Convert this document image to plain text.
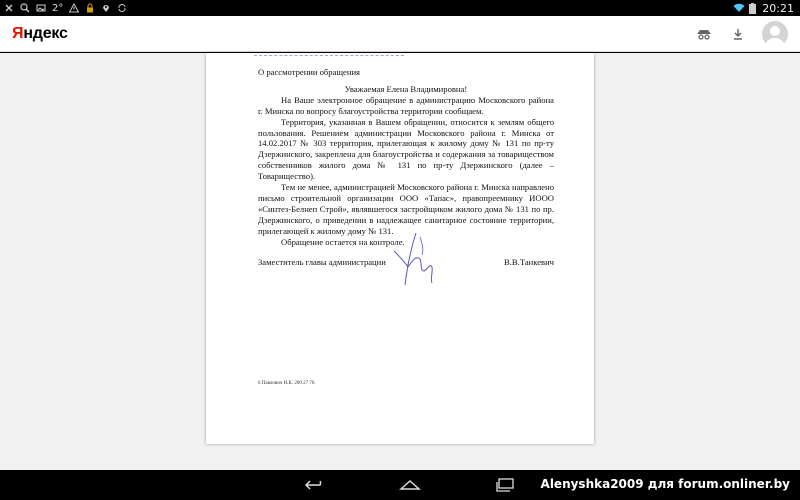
2°	20:21
Яндекс

О рассмотрении обращения

Уважаемая Елена Владимировна!

На Ваше электронное обращение в администрацию Московского района г. Минска по вопросу благоустройства территории сообщаем.

Территория, указанная в Вашем обращении, относится к землям общего пользования. Решением администрации Московского района г. Минска от 14.02.2017 № 303 территория, прилегающая к жилому дому № 131 по пр-ту Дзержинского, закреплена для благоустройства и содержания за товариществом собственников жилого дома № 131 по пр-ту Дзержинского (далее – Товарищество).

Тем не менее, администрацией Московского района г. Минска направлено письмо строительной организации ООО «Тапас», правопреемнику ИООО «Синтез-Белнеп Строй», являвшегося застройщиком жилого дома № 131 по пр. Дзержинского, о приведении в надлежащее санитарное состояние территории, прилегающей к жилому дому № 131.

Обращение остается на контроле.

Заместитель главы администрации	В.В.Танкевич
6 Павлович Н.К. 200 27 70.
Alenyshka2009 для forum.onliner.by
